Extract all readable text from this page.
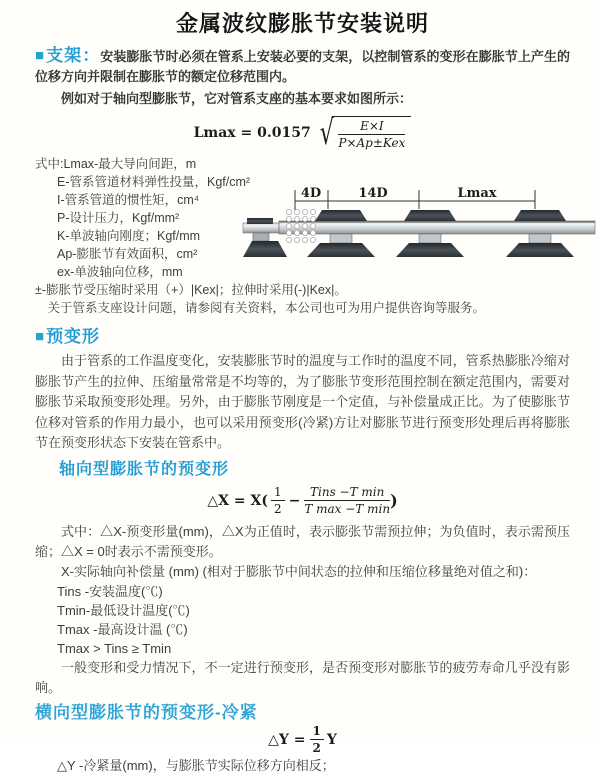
金属波纹膨胀节安装说明

■ 支架：安装膨胀节时必须在管系上安装必要的支架，以控制管系的变形在膨胀节上产生的位移方向并限制在膨胀节的额定位移范围内。

例如对于轴向型膨胀节，它对管系支座的基本要求如图所示：

Lmax = 0.0157 √ $\frac{E\times I}{\text{P×Ap±Kex}}$
式中:Lmax-最大导向间距，m
E-管系管道材料弹性投量，Kgf/cm²
I-管系管道的惯性矩，cm⁴
P-设计压力，Kgf/mm²
K-单波轴向刚度；Kgf/mm
Ap-膨胀节有效面积，cm²
ex-单波轴向位移，mm
±-膨胀节受压缩时采用（+）|Kex|；拉伸时采用(-)|Kex|。
关于管系支座设计问题，请参阅有关资料，本公司也可为用户提供咨询等服务。
4D	14D	Lmax
■ 预变形

由于管系的工作温度变化，安装膨胀节时的温度与工作时的温度不同，管系热膨胀冷缩对膨胀节产生的拉伸、压缩量常常是不均等的，为了膨胀节变形范围控制在额定范围内，需要对膨胀节采取预变形处理。另外，由于膨胀节刚度是一个定值，与补偿量成正比。为了使膨胀节位移对管系的作用力最小，也可以采用预变形(冷紧)方让对膨胀节进行预变形处理后再将膨胀节在预变形状态下安装在管系中。

轴向型膨胀节的预变形
△X = $X( \frac{1}{2} - \frac{\text{Tins −T min}}{\text{T max −T min}}$ )

式中：△X-预变形量(mm)，△X为正值时，表示膨张节需预拉伸；为负值时，表示需预压缩；△X = 0时表示不需预变形。

X-实际轴向补偿量 (mm) (相对于膨胀节中间状态的拉伸和压缩位移量绝对值之和)：

Tins -安装温度(℃)
Tmin-最低设计温度(℃)
Tmax -最高设计温 (℃)
Tmax > Tins ≥ Tmin

一般变形和受力情况下，不一定进行预变形，是否预变形对膨胀节的疲劳寿命几乎没有影响。

横向型膨胀节的预变形-冷紧
△Y = $\frac{1}{2}$ Y
△Y -冷紧量(mm)，与膨胀节实际位移方向相反；
